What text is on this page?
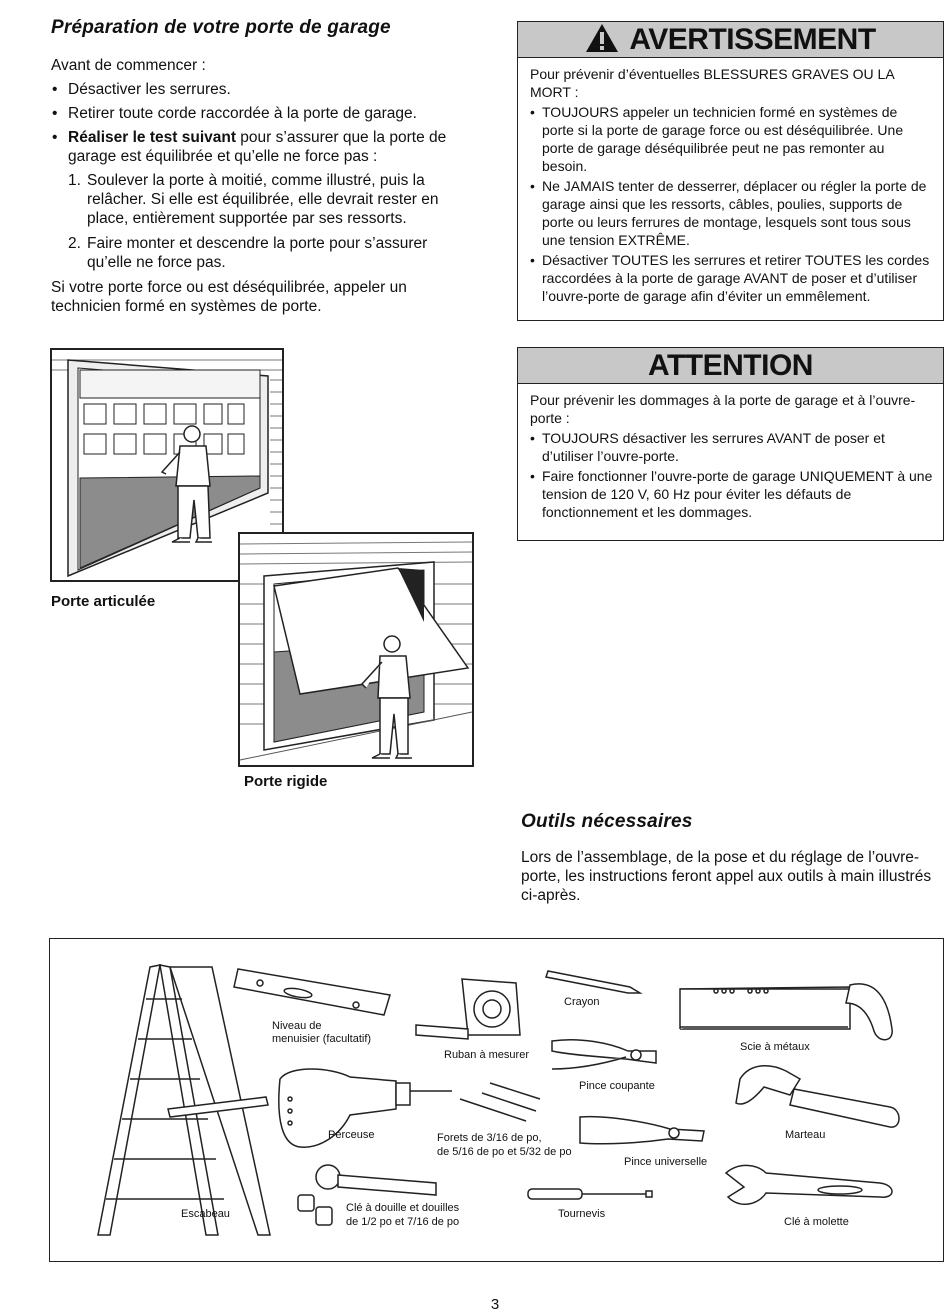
Préparation de votre porte de garage
Avant de commencer :
• Désactiver les serrures.
• Retirer toute corde raccordée à la porte de garage.
• Réaliser le test suivant pour s’assurer que la porte de garage est équilibrée et qu’elle ne force pas :
1. Soulever la porte à moitié, comme illustré, puis la relâcher. Si elle est équilibrée, elle devrait rester en place, entièrement supportée par ses ressorts.
2. Faire monter et descendre la porte pour s’assurer qu’elle ne force pas.
Si votre porte force ou est déséquilibrée, appeler un technicien formé en systèmes de porte.
AVERTISSEMENT
Pour prévenir d’éventuelles BLESSURES GRAVES OU LA MORT :
• TOUJOURS appeler un technicien formé en systèmes de porte si la porte de garage force ou est déséquilibrée. Une porte de garage déséquilibrée peut ne pas remonter au besoin.
• Ne JAMAIS tenter de desserrer, déplacer ou régler la porte de garage ainsi que les ressorts, câbles, poulies, supports de porte ou leurs ferrures de montage, lesquels sont tous sous une tension EXTRÊME.
• Désactiver TOUTES les serrures et retirer TOUTES les cordes raccordées à la porte de garage AVANT de poser et d’utiliser l’ouvre-porte de garage afin d’éviter un emmêlement.
ATTENTION
Pour prévenir les dommages à la porte de garage et à l’ouvre-porte :
• TOUJOURS désactiver les serrures AVANT de poser et d’utiliser l’ouvre-porte.
• Faire fonctionner l’ouvre-porte de garage UNIQUEMENT à une tension de 120 V, 60 Hz pour éviter les défauts de fonctionnement et les dommages.
Porte articulée
Porte rigide
Outils nécessaires
Lors de l’assemblage, de la pose et du réglage de l’ouvre-porte, les instructions feront appel aux outils à main illustrés ci-après.
Escabeau
Niveau de
menuisier (facultatif)
Ruban à mesurer
Crayon
Scie à métaux
Pince coupante
Perceuse	Forets de 3/16 de po,
de 5/16 de po et 5/32 de po
Marteau
Pince universelle
Clé à douille et douilles
de 1/2 po et 7/16 de po
Tournevis
Clé à molette
3
